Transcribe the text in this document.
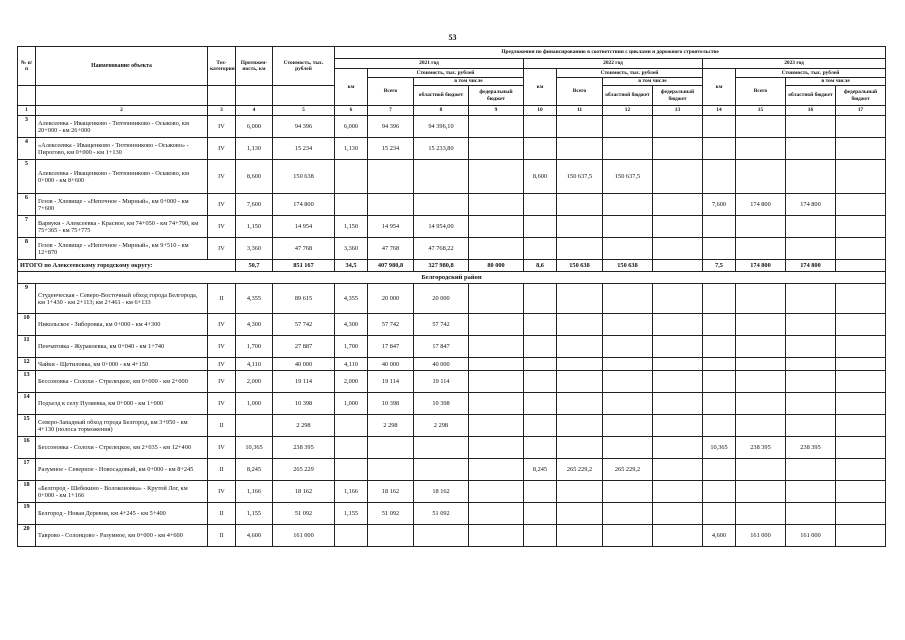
53
№ п/п	Наименование объекта	Тех-категория	Протяжен-ность, км	Стоимость, тыс. рублей	Предложения по финансированию в соответствии с циклами и дорожного строительстве											
					2021 год				2022 год				2023 год			
					км	Стоимость, тыс. рублей			км	Стоимость, тыс. рублей			км	Стоимость, тыс. рублей		
						Всего	в том числе			Всего	в том числе			Всего	в том числе	
							областной бюджет	федеральный бюджет			областной бюджет	федеральный бюджет			областной бюджет	федеральный бюджет
1	2	3	4	5	6	7	8	9	10	11	12	13	14	15	16	17
3	Алексеевка - Иващенково - Тютюнниково - Осыково, км 20+000 - км 26+000	IV	6,000	94 396	6,000	94 396	94 396,10									
4	«Алексеевка - Иващенково - Тютюнниково - Осыково» - Пирогово, км 0+000 - км 1+130	IV	1,130	15 234	1,130	15 234	15 233,80									
5	Алексеевка - Иващенково - Тютюнниково - Осыково, км 0+000 - км 8+600	IV	8,600	150 638					8,600	150 637,5	150 637,5					
6	Гезов - Хлевище - «Непочное - Мирный», км 0+000 - км 7+600	IV	7,600	174 800									7,600	174 800	174 800	
7	Варвуки - Алексеевка - Красное, км 74+050 - км 74+790, км 75+365 - км 75+775	IV	1,150	14 954	1,150	14 954	14 954,00									
8	Гезов - Хлевище - «Непочное - Мирный», км 9+510 - км 12+870	IV	3,360	47 768	3,360	47 768	47 768,22									
ИТОГО по Алексеевскому городскому округу:			50,7	851 167	34,5	407 980,8	327 980,8	80 000	8,6	150 638	150 638		7,5	174 800	174 800	
Белгородский район																
9	Студенческая - Северо-Восточный обход города Белгорода, км 1+430 - км 2+113; км 2+461 - км 6+133	II	4,355	89 615	4,355	20 000	20 000									
10	Никольское - Зиборовка, км 0+000 - км 4+300	IV	4,300	57 742	4,300	57 742	57 742									
11	Пенчатовка - Журавлевка, км 0+040 - км 1+740	IV	1,700	27 887	1,700	17 847	17 847									
12	Чайки - Щетиловка, км 0+000 - км 4+150	IV	4,110	40 000	4,110	40 000	40 000									
13	Бессоновка - Солохи - Стрелецкое, км 0+000 - км 2+000	IV	2,000	19 114	2,000	19 114	19 114									
14	Подъезд к селу Пуляевка, км 0+000 - км 1+000	IV	1,000	10 398	1,000	10 398	10 398									
15	Северо-Западный обход города Белгород, км 3+950 - км 4+130 (полоса торможения)	II		2 298		2 298	2 298									
16	Бессоновка - Солохи - Стрелецкое, км 2+035 - км 12+400	IV	10,365	238 395									10,365	238 395	238 395	
17	Разумное - Северное - Новосадовый, км 0+000 - км 8+245	II	8,245	265 229					8,245	265 229,2	265 229,2					
18	«Белгород - Шебекино - Волоконовка» - Крутой Лог, км 0+000 - км 1+166	IV	1,166	18 162	1,166	18 162	18 162									
19	Белгород - Новая Деревня, км 4+245 - км 5+400	II	1,155	51 092	1,155	51 092	51 092									
20	Таврово - Солонцово - Разумное, км 0+000 - км 4+600	II	4,600	161 000									4,600	161 000	161 000	
